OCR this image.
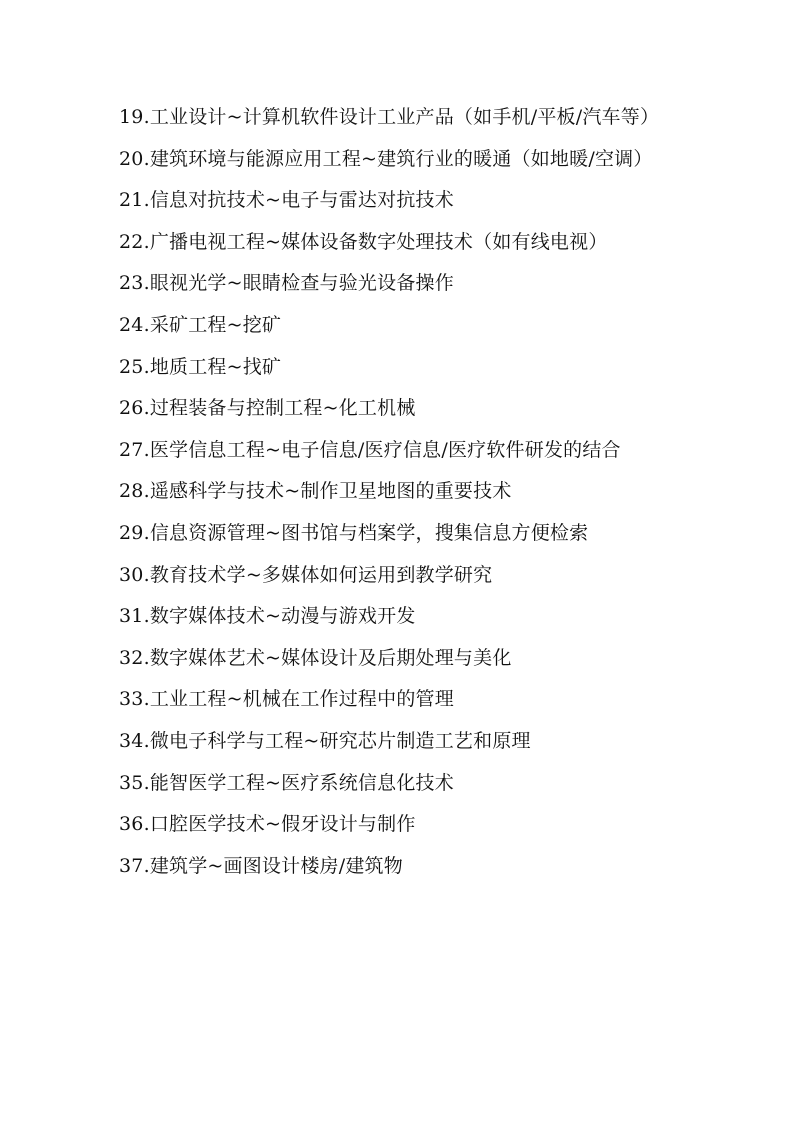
19.工业设计~计算机软件设计工业产品（如手机/平板/汽车等）

20.建筑环境与能源应用工程~建筑行业的暖通（如地暖/空调）

21.信息对抗技术~电子与雷达对抗技术

22.广播电视工程~媒体设备数字处理技术（如有线电视）

23.眼视光学~眼睛检查与验光设备操作

24.采矿工程~挖矿

25.地质工程~找矿

26.过程装备与控制工程~化工机械

27.医学信息工程~电子信息/医疗信息/医疗软件研发的结合

28.遥感科学与技术~制作卫星地图的重要技术

29.信息资源管理~图书馆与档案学，搜集信息方便检索

30.教育技术学~多媒体如何运用到教学研究

31.数字媒体技术~动漫与游戏开发

32.数字媒体艺术~媒体设计及后期处理与美化

33.工业工程~机械在工作过程中的管理

34.微电子科学与工程~研究芯片制造工艺和原理

35.能智医学工程~医疗系统信息化技术

36.口腔医学技术~假牙设计与制作

37.建筑学~画图设计楼房/建筑物
